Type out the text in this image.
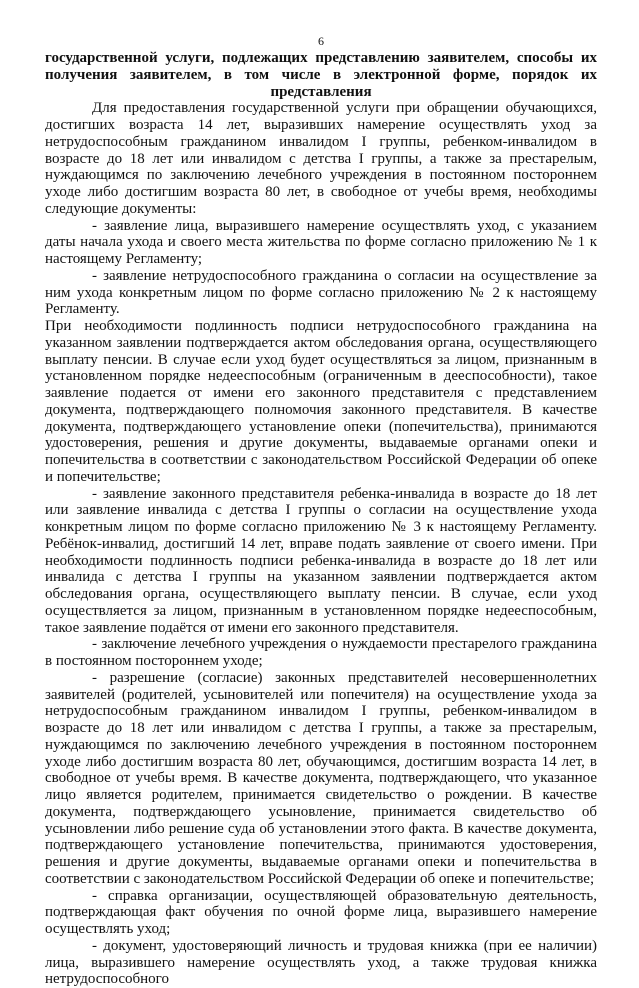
6
государственной услуги, подлежащих представлению заявителем, способы их получения заявителем, в том числе в электронной форме, порядок их представления

Для предоставления государственной услуги при обращении обучающихся, достигших возраста 14 лет, выразивших намерение осуществлять уход за нетрудоспособным гражданином инвалидом I группы, ребенком-инвалидом в возрасте до 18 лет или инвалидом с детства I группы, а также за престарелым, нуждающимся по заключению лечебного учреждения в постоянном постороннем уходе либо достигшим возраста 80 лет, в свободное от учебы время, необходимы следующие документы:

- заявление лица, выразившего намерение осуществлять уход, с указанием даты начала ухода и своего места жительства по форме согласно приложению № 1 к настоящему Регламенту;

- заявление нетрудоспособного гражданина о согласии на осуществление за ним ухода конкретным лицом по форме согласно приложению № 2 к настоящему Регламенту.

При необходимости подлинность подписи нетрудоспособного гражданина на указанном заявлении подтверждается актом обследования органа, осуществляющего выплату пенсии. В случае если уход будет осуществляться за лицом, признанным в установленном порядке недееспособным (ограниченным в дееспособности), такое заявление подается от имени его законного представителя с представлением документа, подтверждающего полномочия законного представителя. В качестве документа, подтверждающего установление опеки (попечительства), принимаются удостоверения, решения и другие документы, выдаваемые органами опеки и попечительства в соответствии с законодательством Российской Федерации об опеке и попечительстве;

- заявление законного представителя ребенка-инвалида в возрасте до 18 лет или заявление инвалида с детства I группы о согласии на осуществление ухода конкретным лицом по форме согласно приложению № 3 к настоящему Регламенту. Ребёнок-инвалид, достигший 14 лет, вправе подать заявление от своего имени. При необходимости подлинность подписи ребенка-инвалида в возрасте до 18 лет или инвалида с детства I группы на указанном заявлении подтверждается актом обследования органа, осуществляющего выплату пенсии. В случае, если уход осуществляется за лицом, признанным в установленном порядке недееспособным, такое заявление подаётся от имени его законного представителя.

- заключение лечебного учреждения о нуждаемости престарелого гражданина в постоянном постороннем уходе;

- разрешение (согласие) законных представителей несовершеннолетних заявителей (родителей, усыновителей или попечителя) на осуществление ухода за нетрудоспособным гражданином инвалидом I группы, ребенком-инвалидом в возрасте до 18 лет или инвалидом с детства I группы, а также за престарелым, нуждающимся по заключению лечебного учреждения в постоянном постороннем уходе либо достигшим возраста 80 лет, обучающимся, достигшим возраста 14 лет, в свободное от учебы время. В качестве документа, подтверждающего, что указанное лицо является родителем, принимается свидетельство о рождении. В качестве документа, подтверждающего усыновление, принимается свидетельство об усыновлении либо решение суда об установлении этого факта. В качестве документа, подтверждающего установление попечительства, принимаются удостоверения, решения и другие документы, выдаваемые органами опеки и попечительства в соответствии с законодательством Российской Федерации об опеке и попечительстве;

- справка организации, осуществляющей образовательную деятельность, подтверждающая факт обучения по очной форме лица, выразившего намерение осуществлять уход;

- документ, удостоверяющий личность и трудовая книжка (при ее наличии) лица, выразившего намерение осуществлять уход, а также трудовая книжка нетрудоспособного
